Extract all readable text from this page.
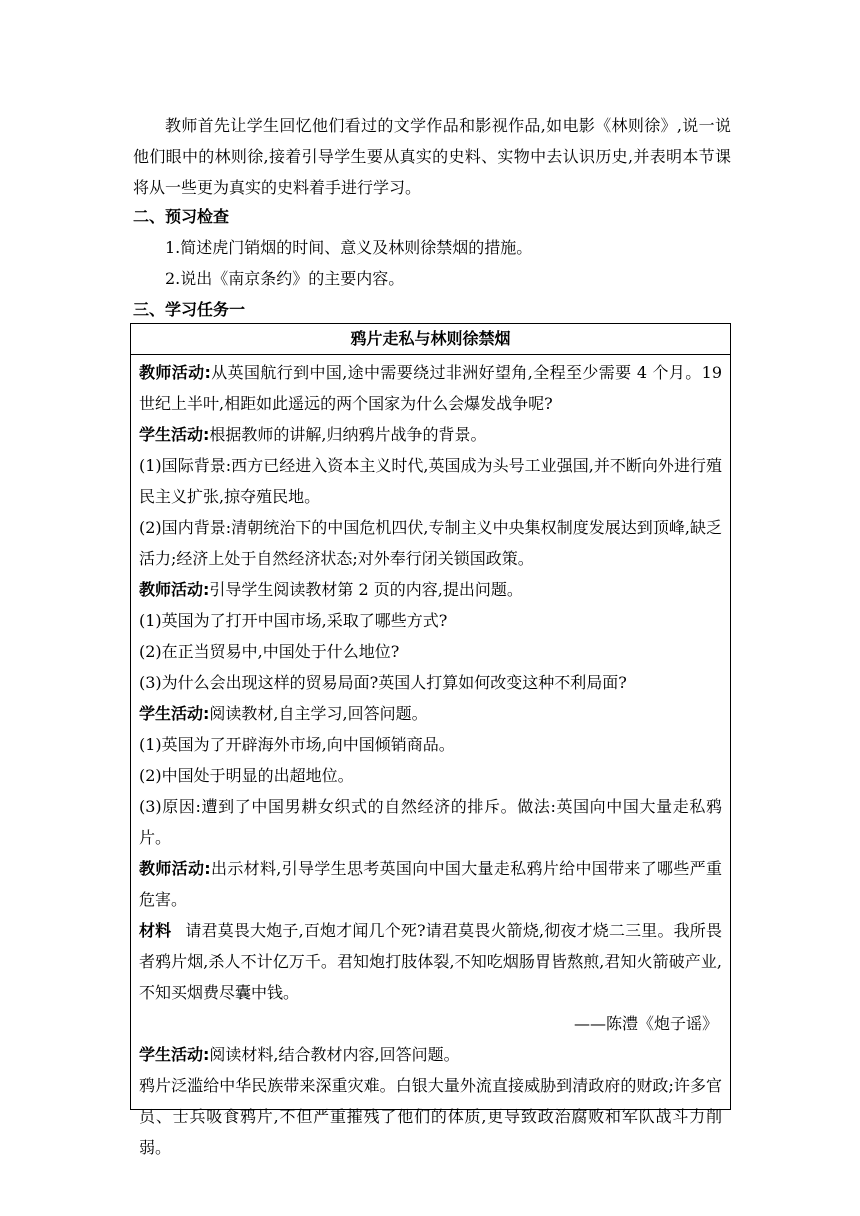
教师首先让学生回忆他们看过的文学作品和影视作品,如电影《林则徐》,说一说他们眼中的林则徐,接着引导学生要从真实的史料、实物中去认识历史,并表明本节课将从一些更为真实的史料着手进行学习。

二、预习检查

1.简述虎门销烟的时间、意义及林则徐禁烟的措施。

2.说出《南京条约》的主要内容。

三、学习任务一

鸦片走私与林则徐禁烟

教师活动:从英国航行到中国,途中需要绕过非洲好望角,全程至少需要 4 个月。19 世纪上半叶,相距如此遥远的两个国家为什么会爆发战争呢?

学生活动:根据教师的讲解,归纳鸦片战争的背景。

(1)国际背景:西方已经进入资本主义时代,英国成为头号工业强国,并不断向外进行殖民主义扩张,掠夺殖民地。

(2)国内背景:清朝统治下的中国危机四伏,专制主义中央集权制度发展达到顶峰,缺乏活力;经济上处于自然经济状态;对外奉行闭关锁国政策。

教师活动:引导学生阅读教材第 2 页的内容,提出问题。

(1)英国为了打开中国市场,采取了哪些方式?

(2)在正当贸易中,中国处于什么地位?

(3)为什么会出现这样的贸易局面?英国人打算如何改变这种不利局面?

学生活动:阅读教材,自主学习,回答问题。

(1)英国为了开辟海外市场,向中国倾销商品。

(2)中国处于明显的出超地位。

(3)原因:遭到了中国男耕女织式的自然经济的排斥。做法:英国向中国大量走私鸦片。

教师活动:出示材料,引导学生思考英国向中国大量走私鸦片给中国带来了哪些严重危害。

材料 请君莫畏大炮子,百炮才闻几个死?请君莫畏火箭烧,彻夜才烧二三里。我所畏者鸦片烟,杀人不计亿万千。君知炮打肢体裂,不知吃烟肠胃皆熬煎,君知火箭破产业,不知买烟费尽囊中钱。

——陈澧《炮子谣》

学生活动:阅读材料,结合教材内容,回答问题。

鸦片泛滥给中华民族带来深重灾难。白银大量外流直接威胁到清政府的财政;许多官员、士兵吸食鸦片,不但严重摧残了他们的体质,更导致政治腐败和军队战斗力削弱。
